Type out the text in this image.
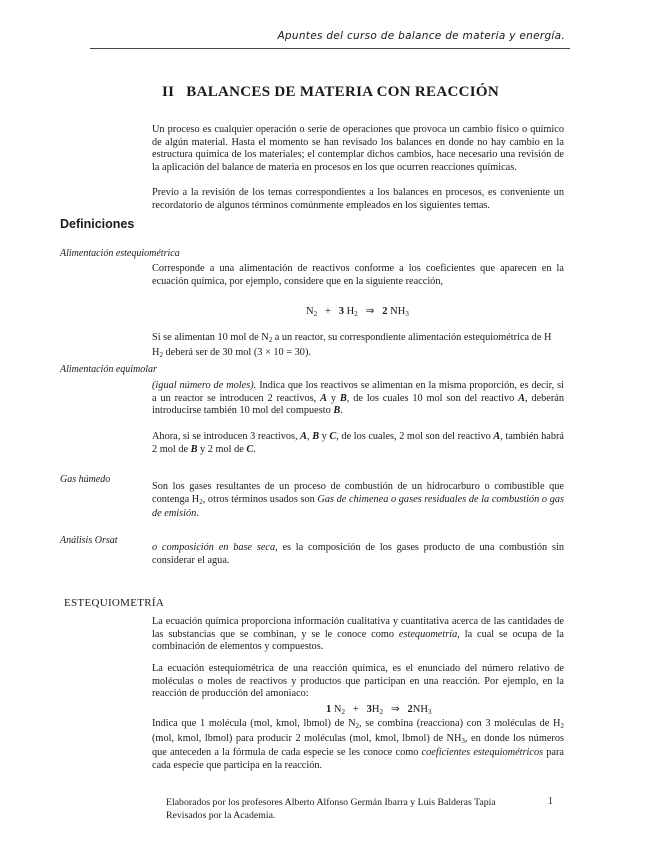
Apuntes del curso de balance de materia y energía.
II BALANCES DE MATERIA CON REACCIÓN

Un proceso es cualquier operación o serie de operaciones que provoca un cambio físico o químico de algún material. Hasta el momento se han revisado los balances en donde no hay cambio en la estructura química de los materiales; el contemplar dichos cambios, hace necesario una revisión de la aplicación del balance de materia en procesos en los que ocurren reacciones químicas.

Previo a la revisión de los temas correspondientes a los balances en procesos, es conveniente un recordatorio de algunos términos comúnmente empleados en los siguientes temas.

Definiciones
Alimentación estequiométrica

Corresponde a una alimentación de reactivos conforme a los coeficientes que aparecen en la ecuación química, por ejemplo, considere que en la siguiente reacción,

$N_2 + 3$ $H_2$ ⇒ 2 $NH_3$

Si se alimentan 10 mol de $N_2$ a un reactor, su correspondiente alimentación estequiométrica de H
$H_2$ deberá ser de 30 mol (3 × 10 = 30).

Alimentación equimolar

(igual número de moles). Indica que los reactivos se alimentan en la misma proporción, es decir, si a un reactor se introducen 2 reactivos, A y B, de los cuales 10 mol son del reactivo A, deberán introducirse también 10 mol del compuesto B.

Ahora, si se introducen 3 reactivos, A, B y C, de los cuales, 2 mol son del reactivo A, también habrá 2 mol de B y 2 mol de C.

Gas húmedo

Son los gases resultantes de un proceso de combustión de un hidrocarburo o combustible que contenga $H_2$, otros términos usados son Gas de chimenea o gases residuales de la combustión o gas de emisión.

Análisis Orsat

o composición en base seca, es la composición de los gases producto de una combustión sin considerar el agua.

ESTEQUIOMETRÍA

La ecuación química proporciona información cualitativa y cuantitativa acerca de las cantidades de las substancias que se combinan, y se le conoce como estequometría, la cual se ocupa de la combinación de elementos y compuestos.

La ecuación estequiométrica de una reacción química, es el enunciado del número relativo de moléculas o moles de reactivos y productos que participan en una reacción. Por ejemplo, en la reacción de producción del amoniaco:

1 $N_2 + 3H_2$ ⇒ $2NH_3$

Indica que 1 molécula (mol, kmol, lbmol) de $N_2$, se combina (reacciona) con 3 moléculas de $H_2$ (mol, kmol, lbmol) para producir 2 moléculas (mol, kmol, lbmol) de $NH_3$, en donde los números que anteceden a la fórmula de cada especie se les conoce como coeficientes estequiométricos para cada especie que participa en la reacción.

Elaborados por los profesores Alberto Alfonso Germán Ibarra y Luis Balderas Tapia
Revisados por la Academia.
1
